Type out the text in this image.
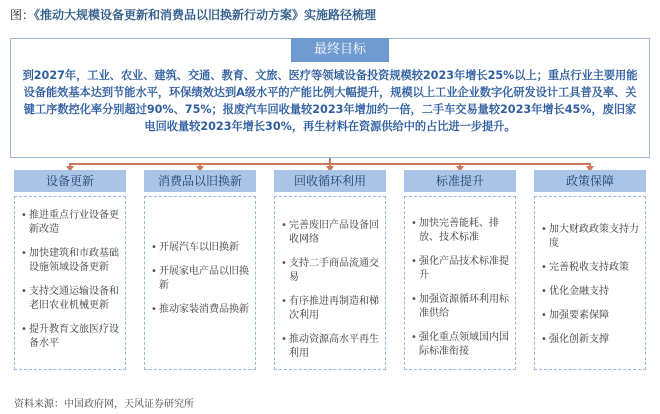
图：《推动大规模设备更新和消费品以旧换新行动方案》实施路径梳理
最终目标
到2027年，工业、农业、建筑、交通、教育、文旅、医疗等领域设备投资规模较2023年增长25%以上；重点行业主要用能设备能效基本达到节能水平，环保绩效达到A级水平的产能比例大幅提升，规模以上工业企业数字化研发设计工具普及率、关键工序数控化率分别超过90%、75%；报废汽车回收量较2023年增加约一倍，二手车交易量较2023年增长45%，废旧家电回收量较2023年增长30%，再生材料在资源供给中的占比进一步提升。
设备更新
• 推进重点行业设备更新改造
• 加快建筑和市政基础设施领域设备更新
• 支持交通运输设备和老旧农业机械更新
• 提升教育文旅医疗设备水平
消费品以旧换新
• 开展汽车以旧换新
• 开展家电产品以旧换新
• 推动家装消费品换新
回收循环利用
• 完善废旧产品设备回收网络
• 支持二手商品流通交易
• 有序推进再制造和梯次利用
• 推动资源高水平再生利用
标准提升
• 加快完善能耗、排放、技术标准
• 强化产品技术标准提升
• 加强资源循环利用标准供给
• 强化重点领域国内国际标准衔接
政策保障
• 加大财政政策支持力度
• 完善税收支持政策
• 优化金融支持
• 加强要素保障
• 强化创新支撑
资料来源：中国政府网，天风证券研究所
